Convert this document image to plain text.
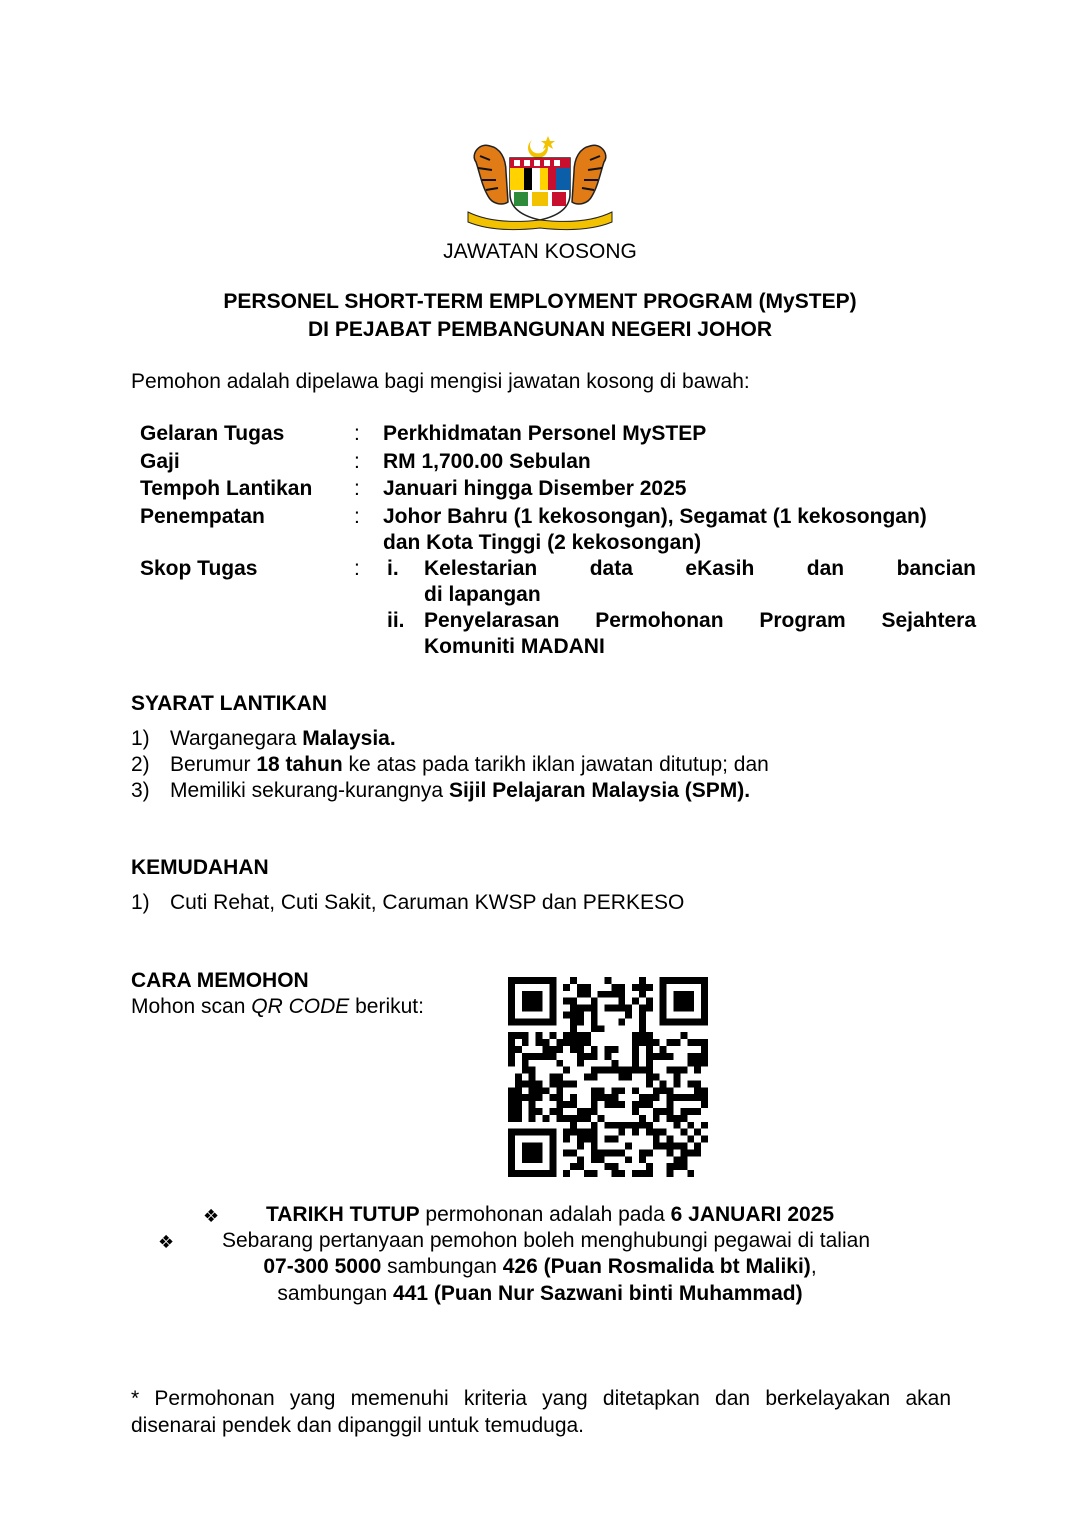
JAWATAN KOSONG
PERSONEL SHORT-TERM EMPLOYMENT PROGRAM (MySTEP)
DI PEJABAT PEMBANGUNAN NEGERI JOHOR
Pemohon adalah dipelawa bagi mengisi jawatan kosong di bawah:
Gelaran Tugas	: Perkhidmatan Personel MySTEP
Gaji	: RM 1,700.00 Sebulan
Tempoh Lantikan : Januari hingga Disember 2025
Penempatan	: Johor Bahru (1 kekosongan), Segamat (1 kekosongan)
dan Kota Tinggi (2 kekosongan)
Skop Tugas	: i. Kelestarian data eKasih dan bancian
di lapangan
ii. Penyelarasan Permohonan Program Sejahtera
Komuniti MADANI
SYARAT LANTIKAN
1) Warganegara Malaysia.
2) Berumur 18 tahun ke atas pada tarikh iklan jawatan ditutup; dan
3) Memiliki sekurang-kurangnya Sijil Pelajaran Malaysia (SPM).
KEMUDAHAN
1) Cuti Rehat, Cuti Sakit, Caruman KWSP dan PERKESO
CARA MEMOHON
Mohon scan QR CODE berikut:
❖ TARIKH TUTUP permohonan adalah pada 6 JANUARI 2025
❖ Sebarang pertanyaan pemohon boleh menghubungi pegawai di talian
07-300 5000 sambungan 426 (Puan Rosmalida bt Maliki),
sambungan 441 (Puan Nur Sazwani binti Muhammad)
* Permohonan yang memenuhi kriteria yang ditetapkan dan berkelayakan akan disenarai pendek dan dipanggil untuk temuduga.
